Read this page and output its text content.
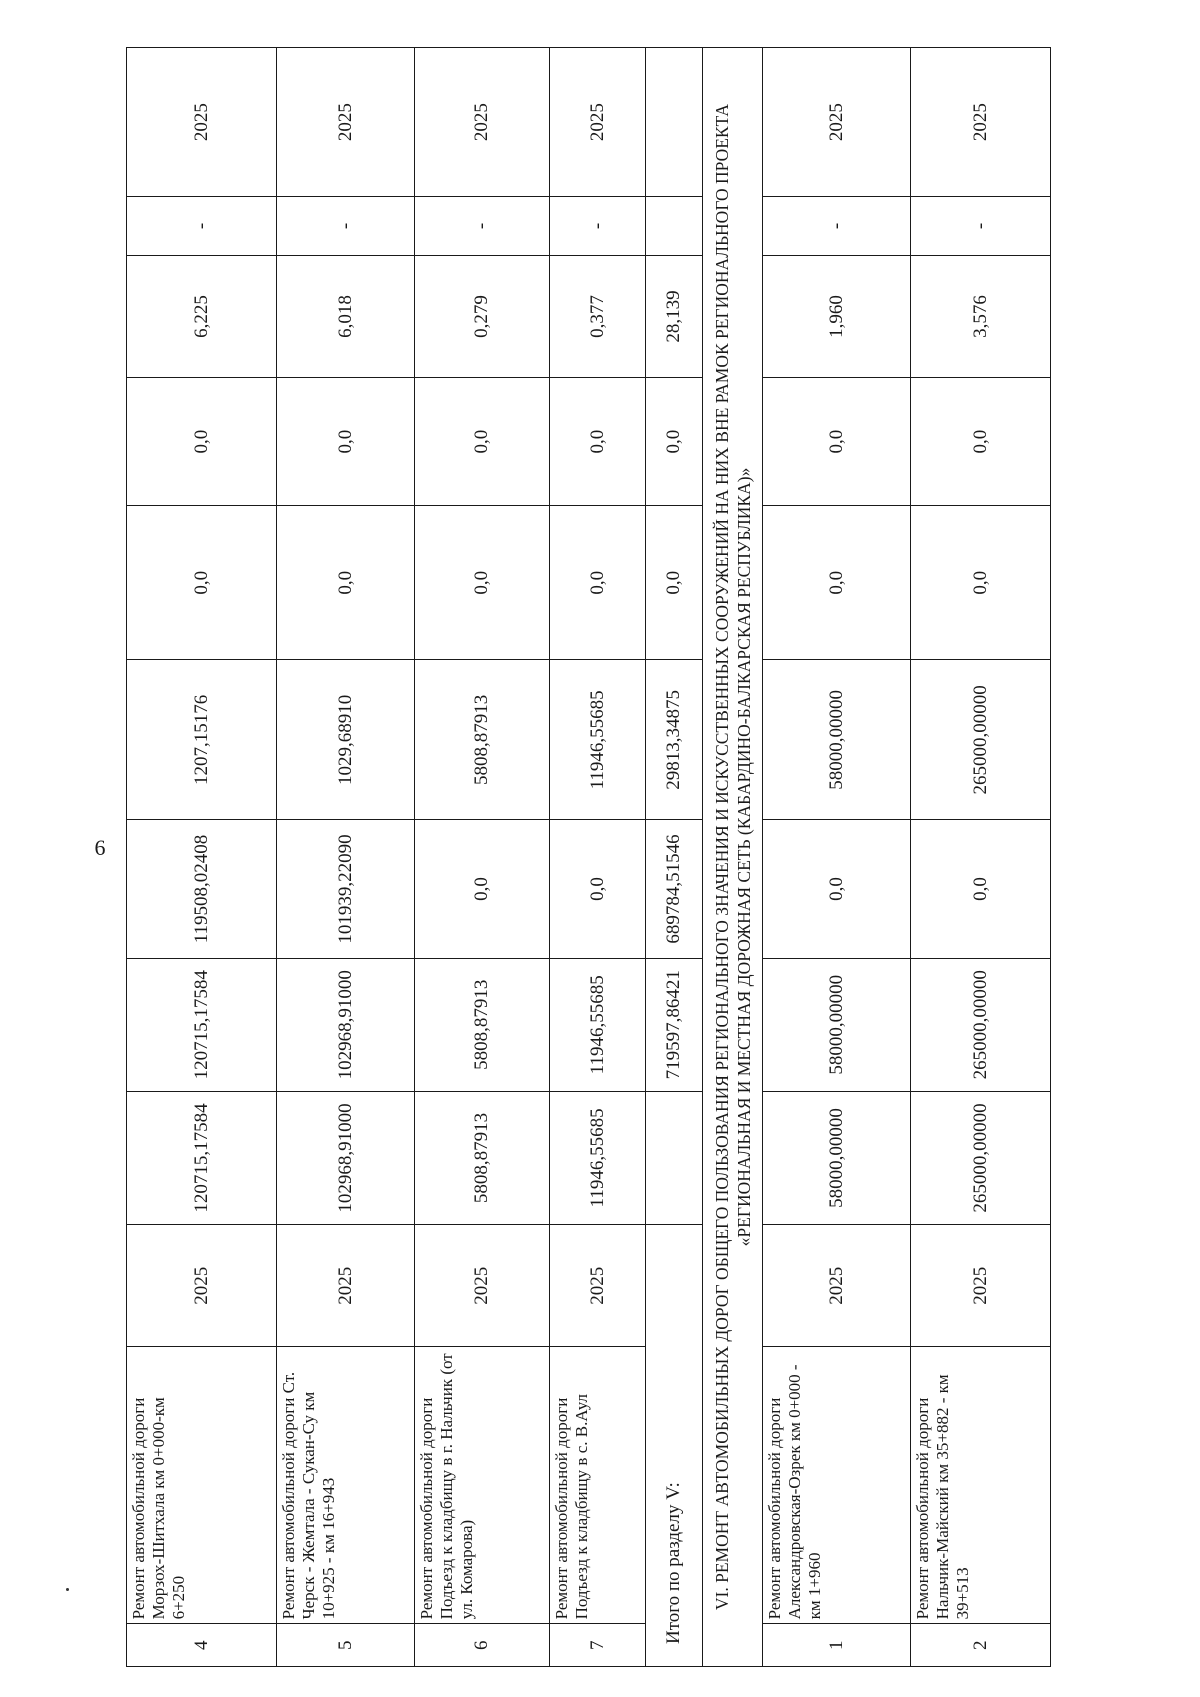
6
4	Ремонт автомобильной дороги Морзох-Шитхала км 0+000-км 6+250	2025	120715,17584	120715,17584	119508,02408	1207,15176	0,0	0,0	6,225	-	2025
5	Ремонт автомобильной дороги Ст. Черск - Жемтала - Сукан-Су км 10+925 - км 16+943	2025	102968,91000	102968,91000	101939,22090	1029,68910	0,0	0,0	6,018	-	2025
6	Ремонт автомобильной дороги Подъезд к кладбищу в г. Нальчик (от ул. Комарова)	2025	5808,87913	5808,87913	0,0	5808,87913	0,0	0,0	0,279	-	2025
7	Ремонт автомобильной дороги Подъезд к кладбищу в с. В.Аул	2025	11946,55685	11946,55685	0,0	11946,55685	0,0	0,0	0,377	-	2025
Итого по разделу V:				719597,86421	689784,51546	29813,34875	0,0	0,0	28,139		
VI. РЕМОНТ АВТОМОБИЛЬНЫХ ДОРОГ ОБЩЕГО ПОЛЬЗОВАНИЯ РЕГИОНАЛЬНОГО ЗНАЧЕНИЯ И ИСКУССТВЕННЫХ СООРУЖЕНИЙ НА НИХ ВНЕ РАМОК РЕГИОНАЛЬНОГО ПРОЕКТА «РЕГИОНАЛЬНАЯ И МЕСТНАЯ ДОРОЖНАЯ СЕТЬ (КАБАРДИНО-БАЛКАРСКАЯ РЕСПУБЛИКА)»											
1	Ремонт автомобильной дороги Александровская-Озрек км 0+000 - км 1+960	2025	58000,00000	58000,00000	0,0	58000,00000	0,0	0,0	1,960	-	2025
2	Ремонт автомобильной дороги Нальчик-Майский км 35+882 - км 39+513	2025	265000,00000	265000,00000	0,0	265000,00000	0,0	0,0	3,576	-	2025
